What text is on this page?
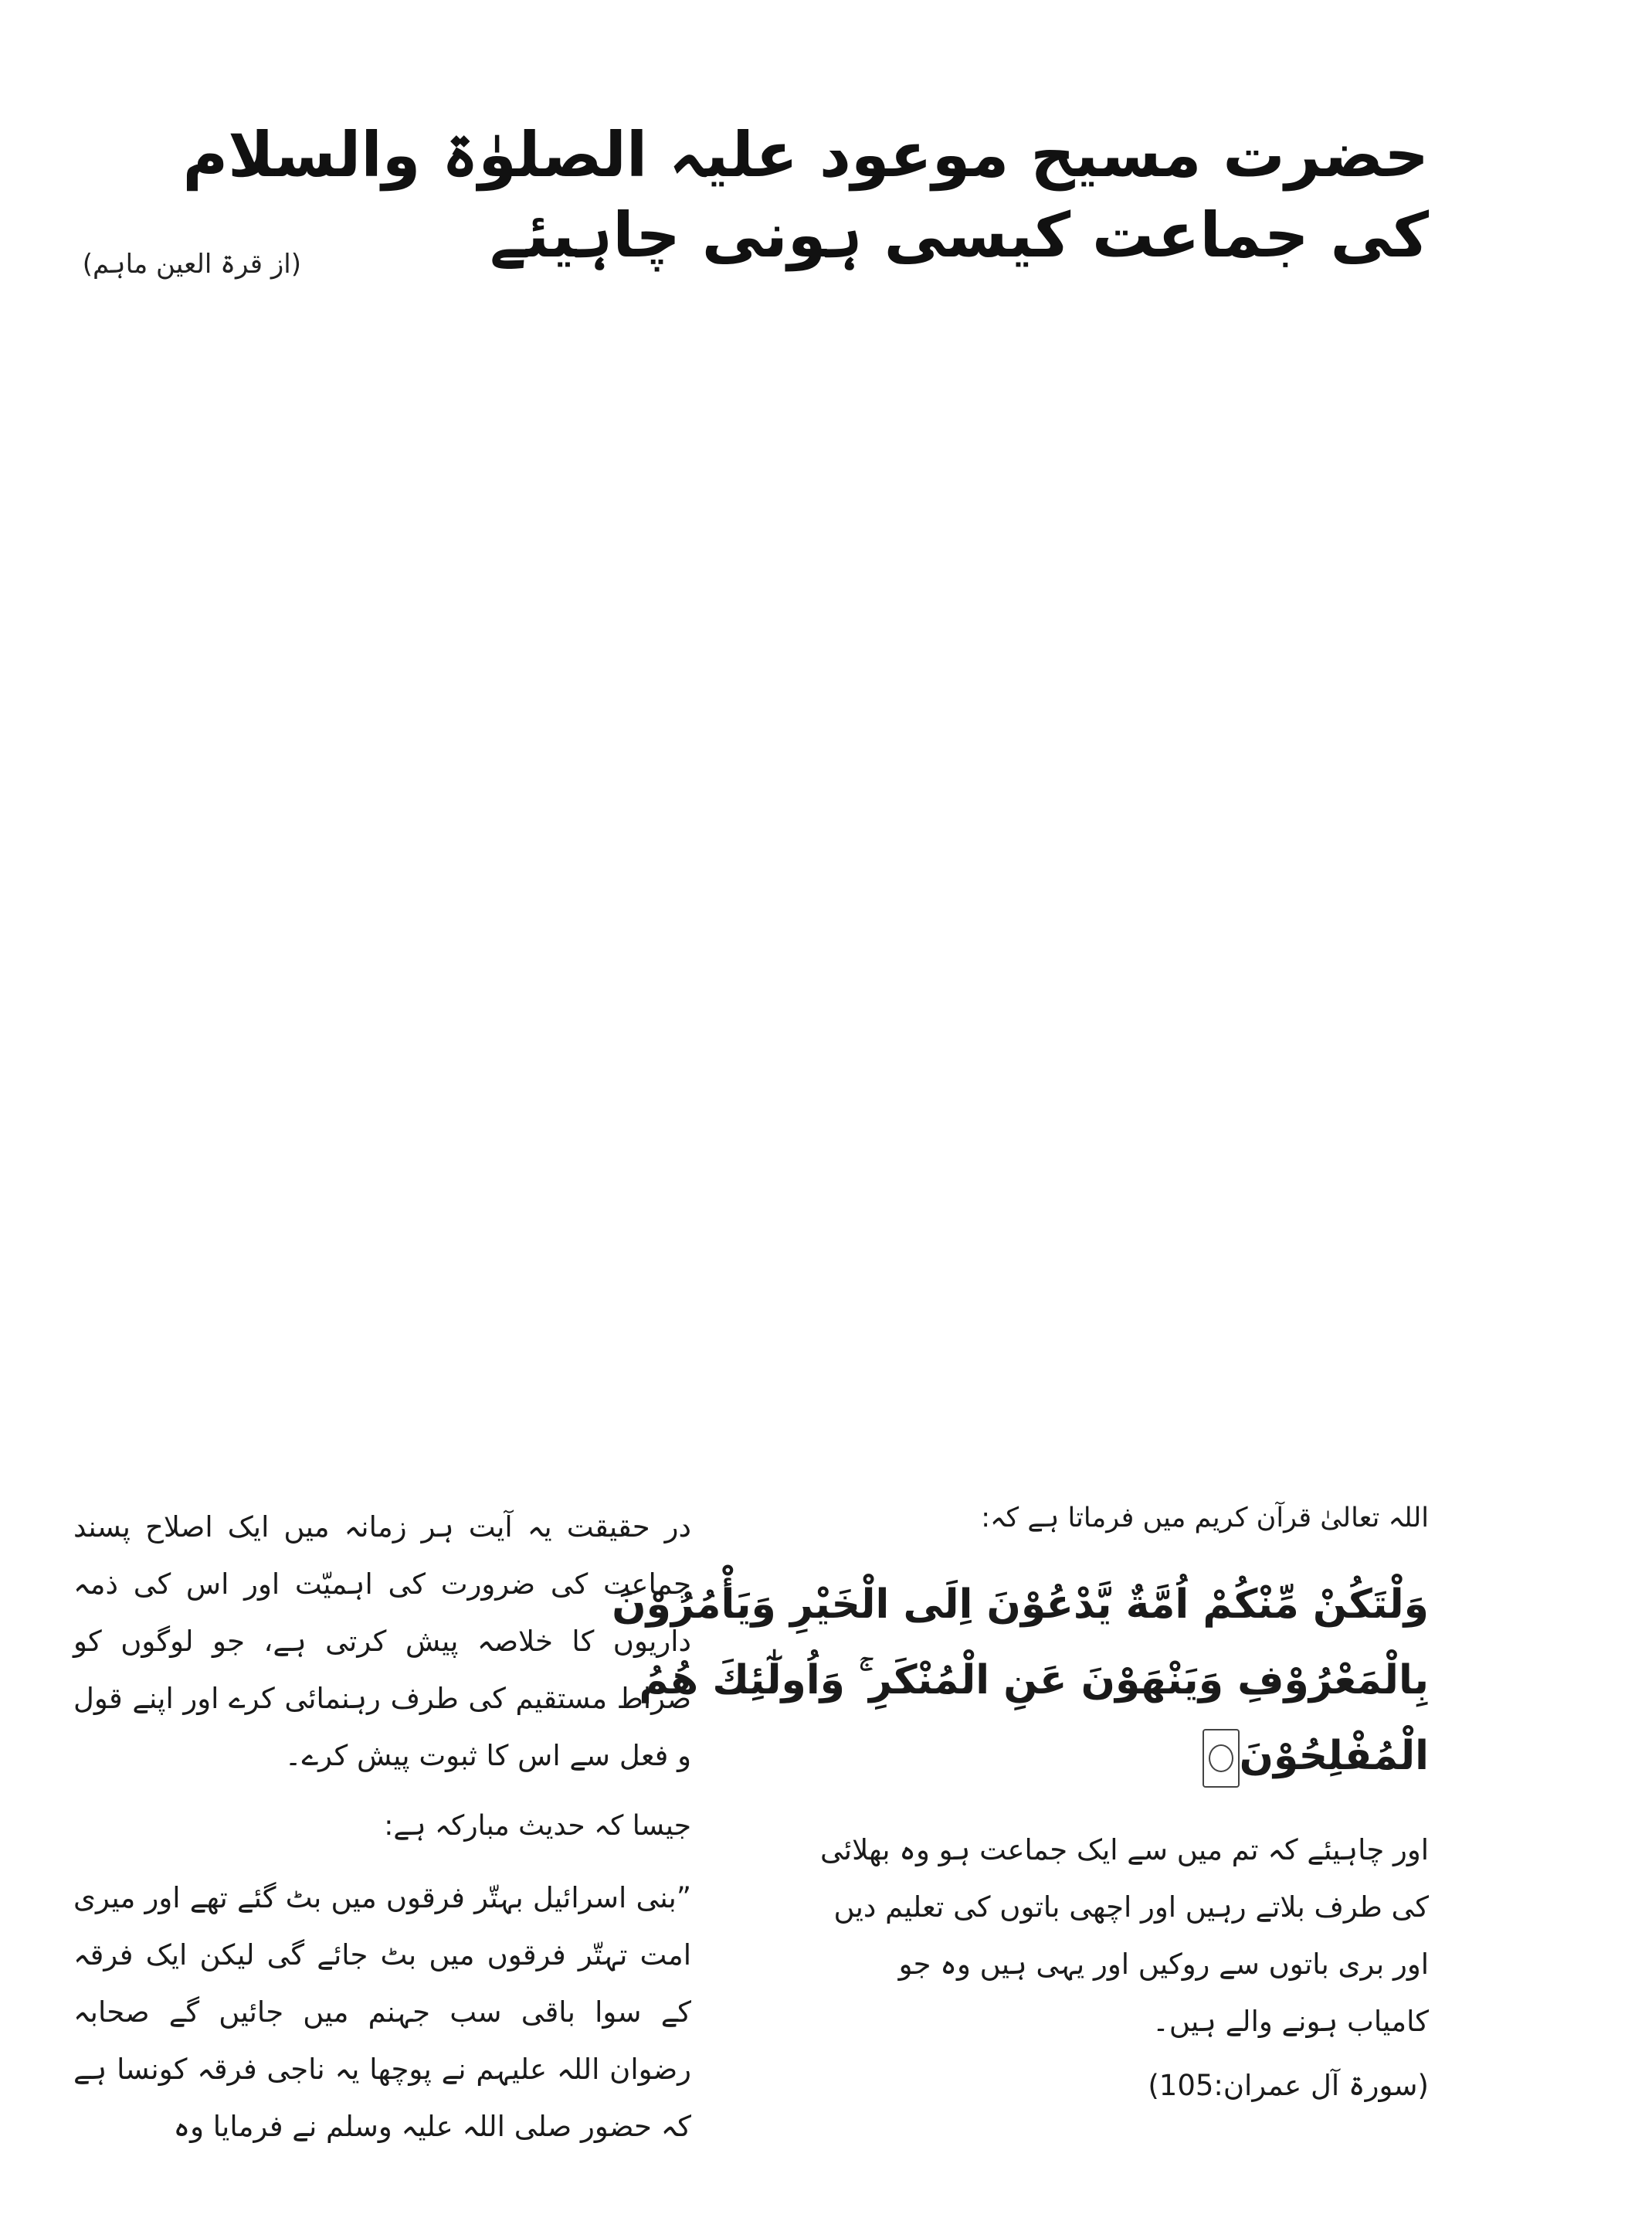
حضرت مسیح موعود علیہ الصلوٰۃ والسلام کی جماعت کیسی ہونی چاہیئے
(از قرۃ العین ماہم)

اللہ تعالیٰ قرآن کریم میں فرماتا ہے کہ:

وَلْتَكُنْ مِّنْكُمْ اُمَّةٌ يَّدْعُوْنَ اِلَى الْخَيْرِ وَيَأْمُرُوْنَ
بِالْمَعْرُوْفِ وَيَنْهَوْنَ عَنِ الْمُنْكَرِ ۚ وَاُولٰٓئِكَ هُمُ
الْمُفْلِحُوْنَ

اور چاہیئے کہ تم میں سے ایک جماعت ہو وہ بھلائی کی طرف بلاتے رہیں اور اچھی باتوں کی تعلیم دیں اور بری باتوں سے روکیں اور یہی ہیں وہ جو کامیاب ہونے والے ہیں۔

(سورۃ آل عمران:105)

در حقیقت یہ آیت ہر زمانہ میں ایک اصلاح پسند جماعت کی ضرورت کی اہمیّت اور اس کی ذمہ داریوں کا خلاصہ پیش کرتی ہے، جو لوگوں کو صراط مستقیم کی طرف رہنمائی کرے اور اپنے قول و فعل سے اس کا ثبوت پیش کرے۔

جیسا کہ حدیث مبارکہ ہے:

”بنی اسرائیل بہتّر فرقوں میں بٹ گئے تھے اور میری امت تہتّر فرقوں میں بٹ جائے گی لیکن ایک فرقہ کے سوا باقی سب جہنم میں جائیں گے صحابہ رضوان اللہ علیہم نے پوچھا یہ ناجی فرقہ کونسا ہے کہ حضور صلی اللہ علیہ وسلم نے فرمایا وہ
